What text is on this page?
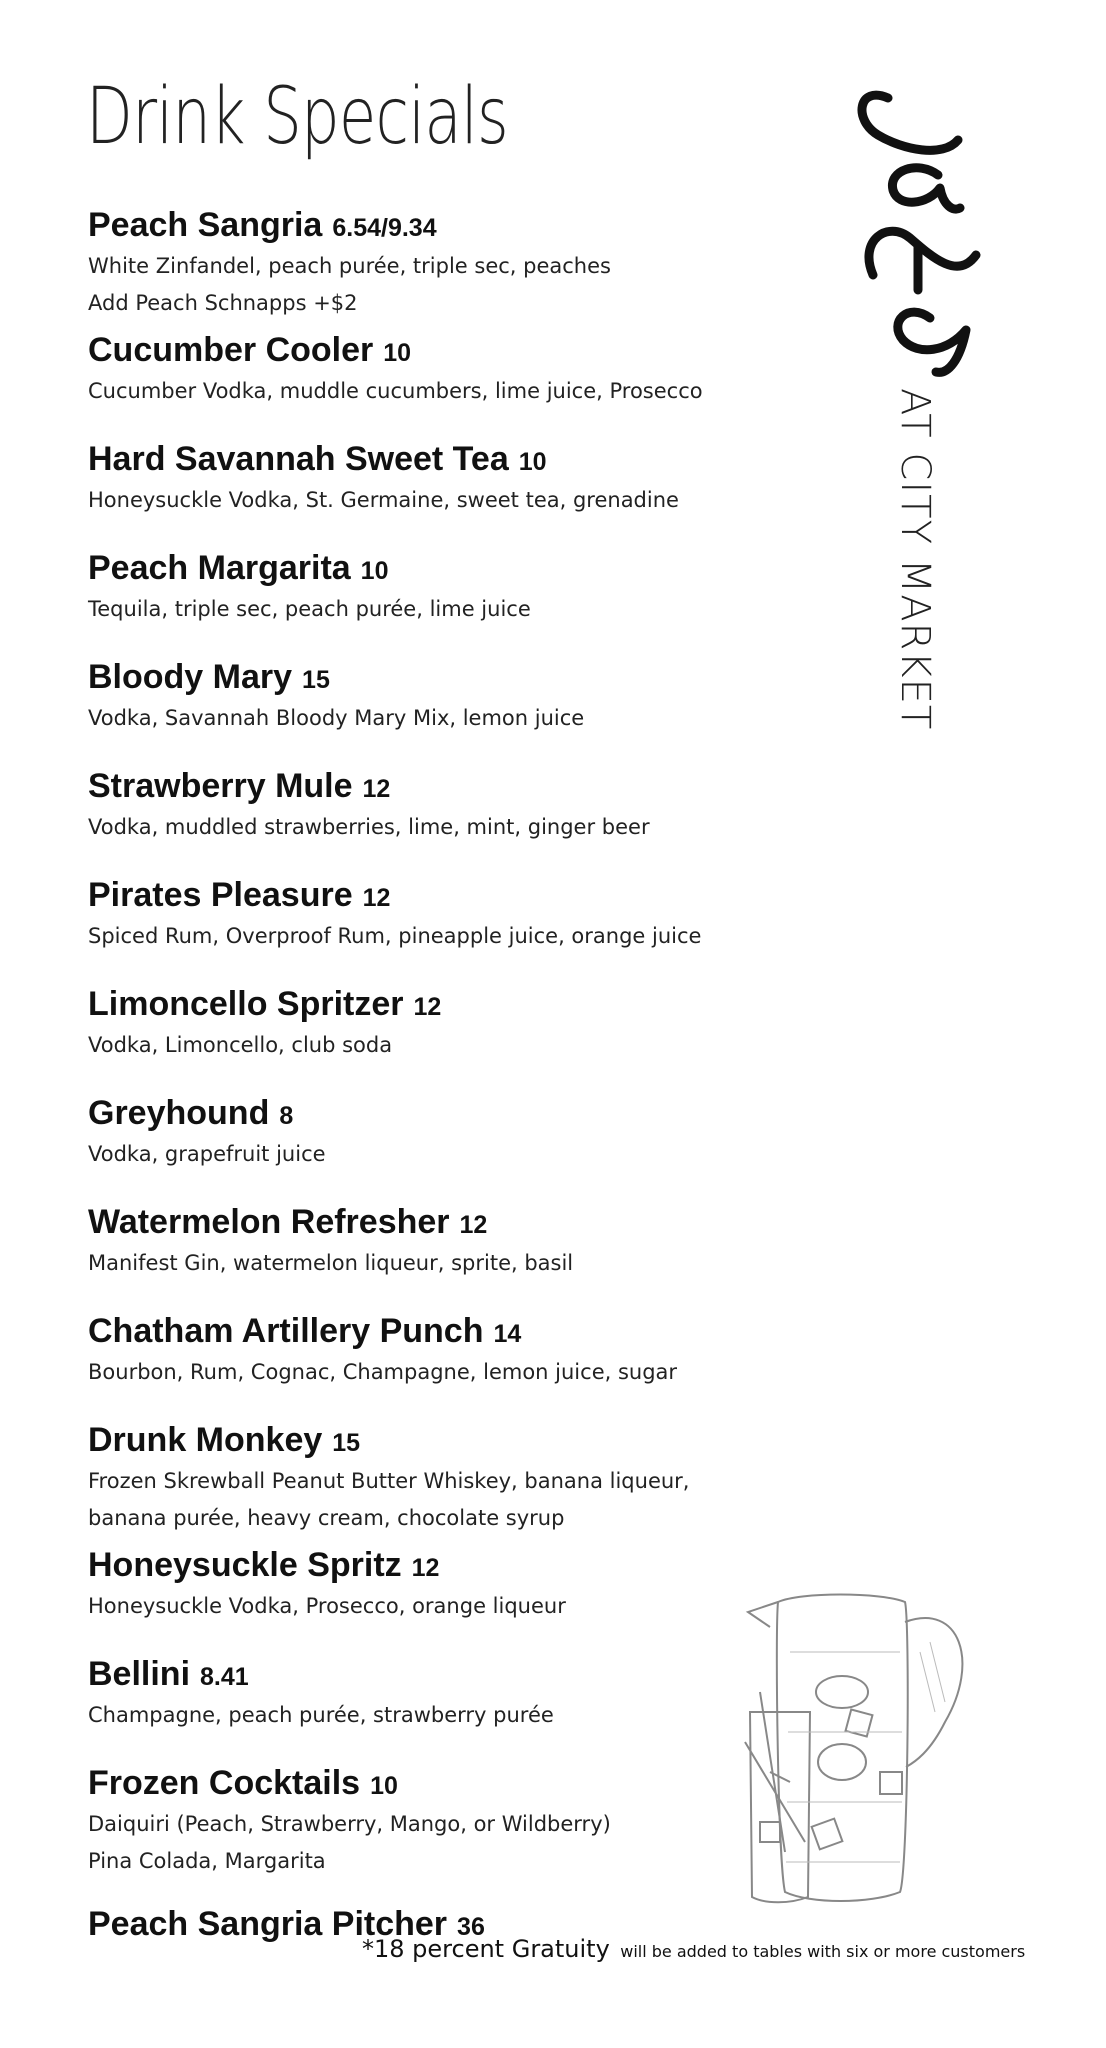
Drink Specials
Peach Sangria 6.54/9.34
White Zinfandel, peach purée, triple sec, peaches
Add Peach Schnapps +$2
Cucumber Cooler 10
Cucumber Vodka, muddle cucumbers, lime juice, Prosecco
Hard Savannah Sweet Tea 10
Honeysuckle Vodka, St. Germaine, sweet tea, grenadine
Peach Margarita 10
Tequila, triple sec, peach purée, lime juice
Bloody Mary 15
Vodka, Savannah Bloody Mary Mix, lemon juice
Strawberry Mule 12
Vodka, muddled strawberries, lime, mint, ginger beer
Pirates Pleasure 12
Spiced Rum, Overproof Rum, pineapple juice, orange juice
Limoncello Spritzer 12
Vodka, Limoncello, club soda
Greyhound 8
Vodka, grapefruit juice
Watermelon Refresher 12
Manifest Gin, watermelon liqueur, sprite, basil
Chatham Artillery Punch 14
Bourbon, Rum, Cognac, Champagne, lemon juice, sugar
Drunk Monkey 15
Frozen Skrewball Peanut Butter Whiskey, banana liqueur,
banana purée, heavy cream, chocolate syrup
Honeysuckle Spritz 12
Honeysuckle Vodka, Prosecco, orange liqueur
Bellini 8.41
Champagne, peach purée, strawberry purée
Frozen Cocktails 10
Daiquiri (Peach, Strawberry, Mango, or Wildberry)
Pina Colada, Margarita
Peach Sangria Pitcher 36
AT CITY MARKET
*18 percent Gratuity will be added to tables with six or more customers
